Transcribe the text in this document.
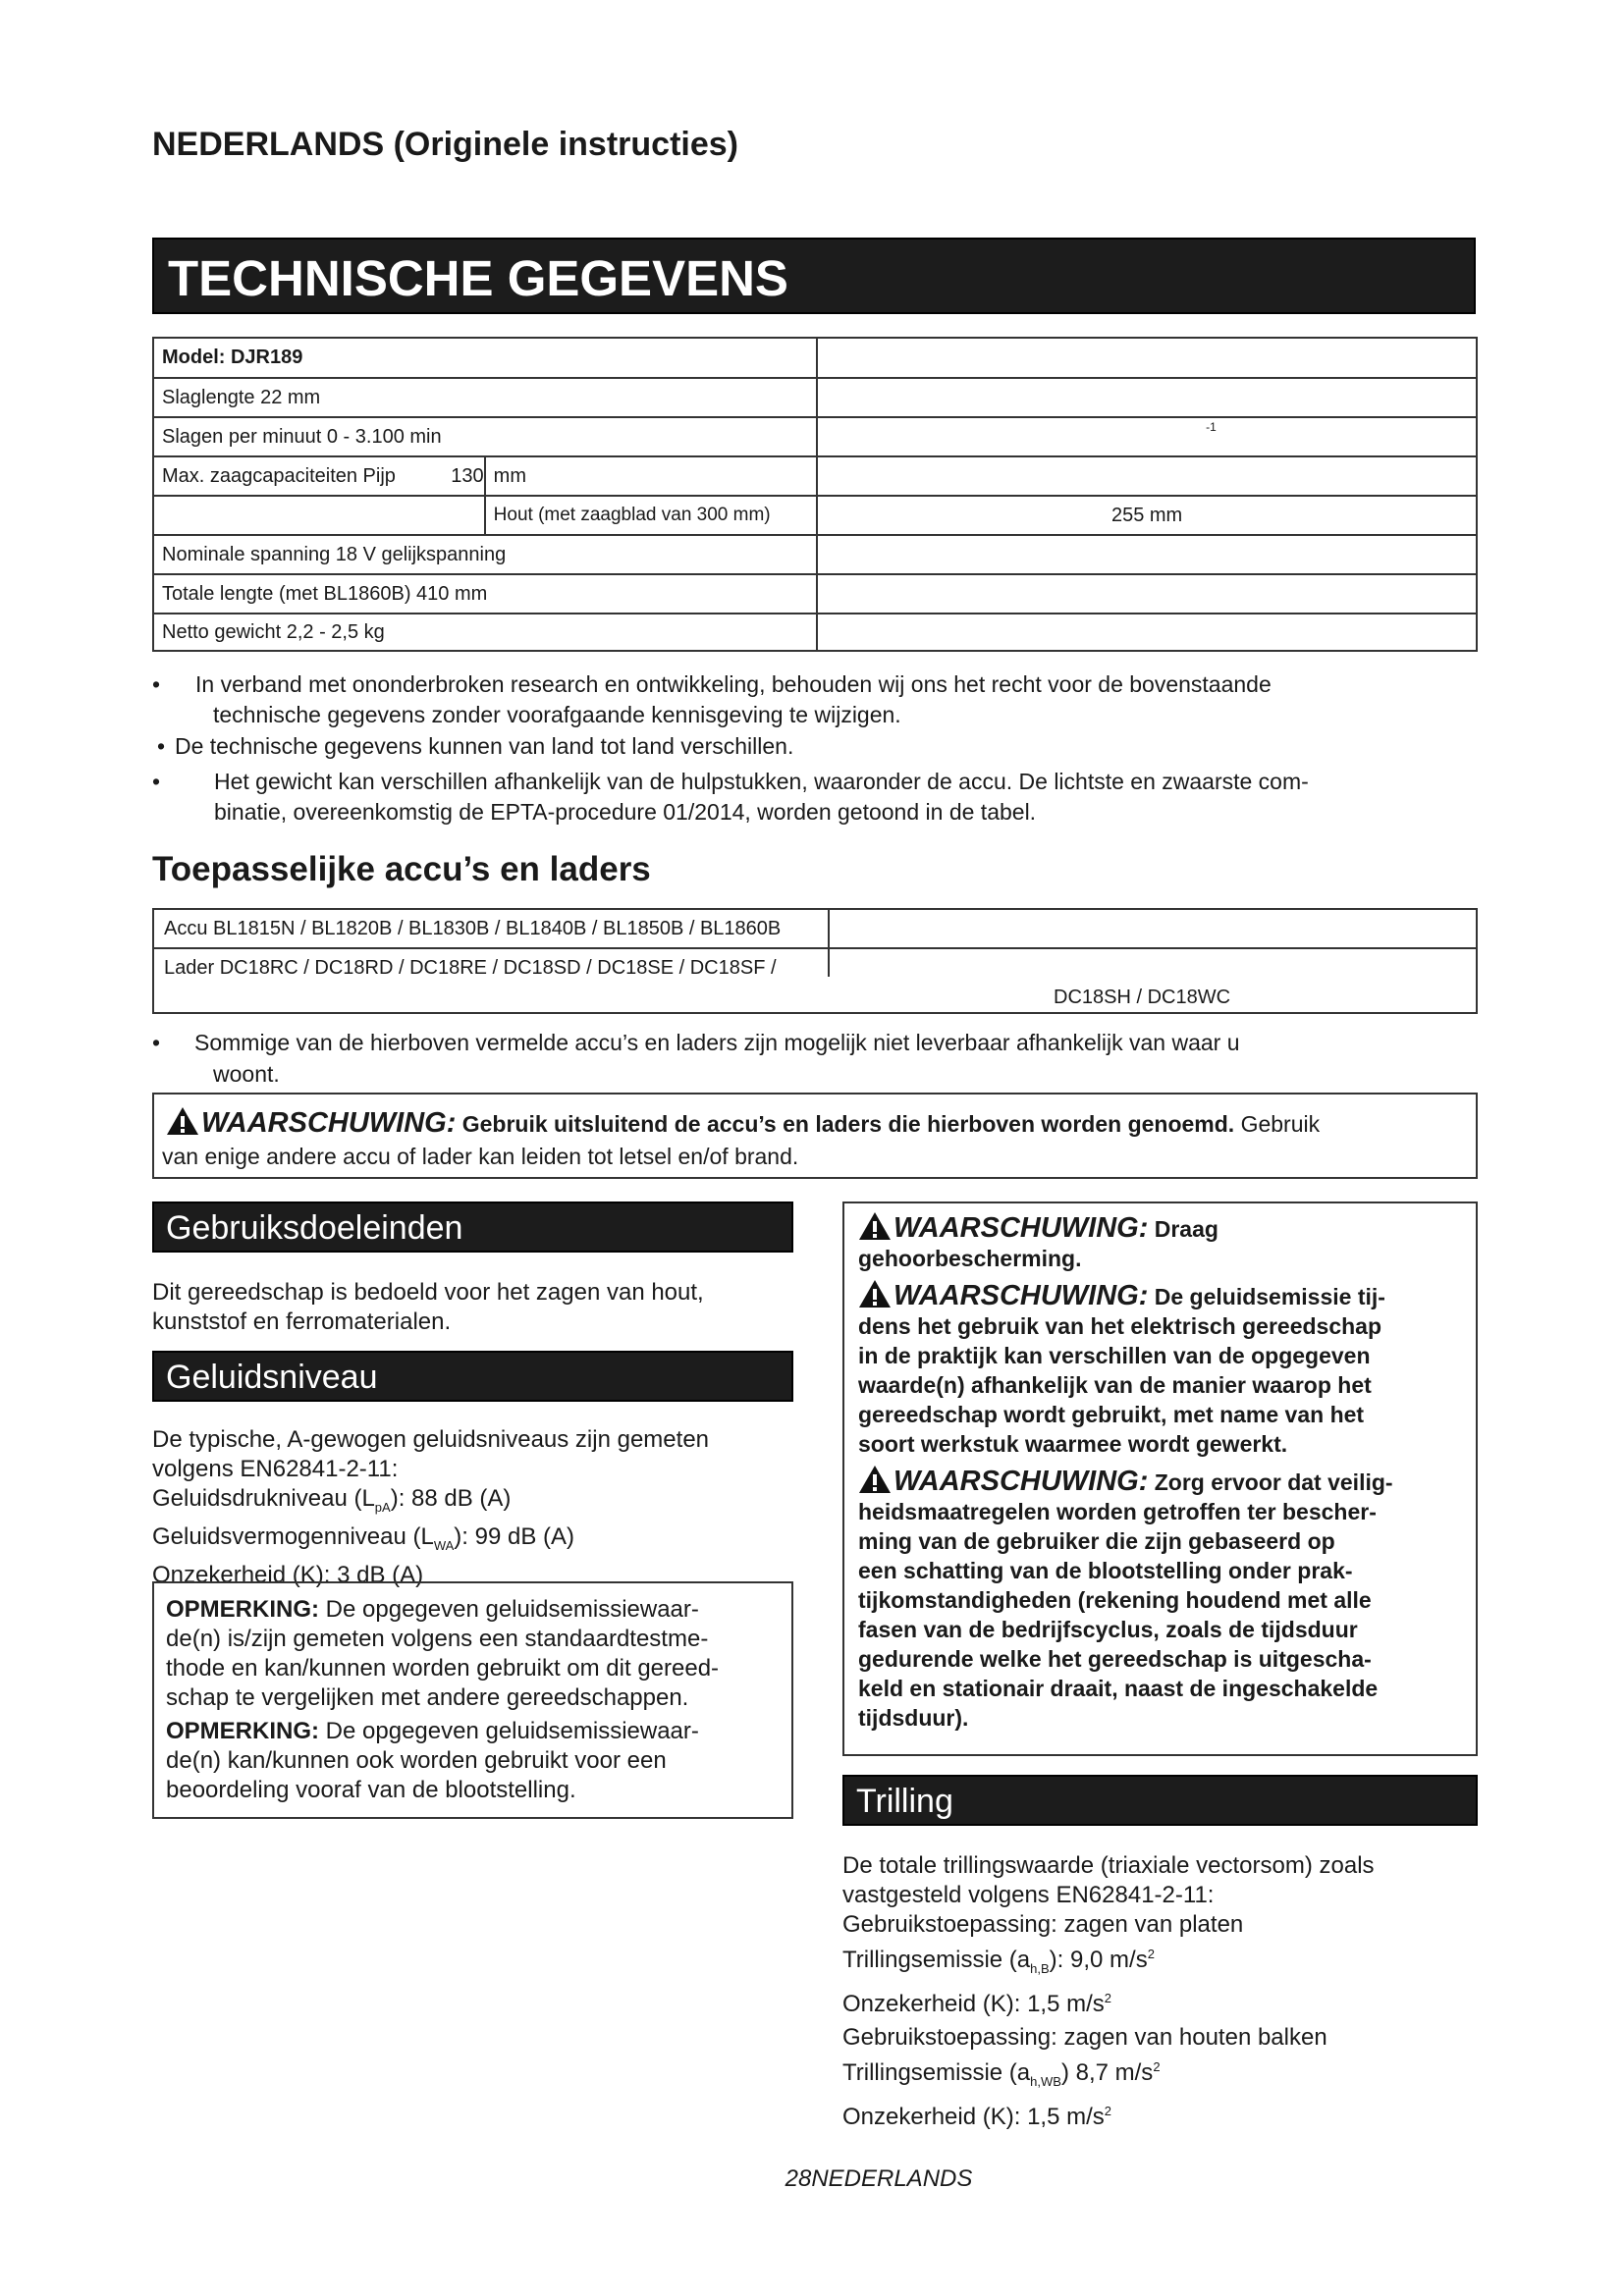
NEDERLANDS (Originele instructies)
TECHNISCHE GEGEVENS
Model: DJR189		
Slaglengte 22 mm		
Slagen per minuut 0 - 3.100 min		-1

Max. zaagcapaciteiten Pijp 130	mm	
	Hout (met zaagblad van 300 mm)	255 mm
Nominale spanning 18 V gelijkspanning		
Totale lengte (met BL1860B) 410 mm		
Netto gewicht 2,2 - 2,5 kg		
• In verband met ononderbroken research en ontwikkeling, behouden wij ons het recht voor de bovenstaande
technische gegevens zonder voorafgaande kennisgeving te wijzigen.
• De technische gegevens kunnen van land tot land verschillen.
• Het gewicht kan verschillen afhankelijk van de hulpstukken, waaronder de accu. De lichtste en zwaarste com-
binatie, overeenkomstig de EPTA-procedure 01/2014, worden getoond in de tabel.
Toepasselijke accu’s en laders
Accu BL1815N / BL1820B / BL1830B / BL1840B / BL1850B / BL1860B
Lader DC18RC / DC18RD / DC18RE / DC18SD / DC18SE / DC18SF /
DC18SH / DC18WC
• Sommige van de hierboven vermelde accu’s en laders zijn mogelijk niet leverbaar afhankelijk van waar u
woont.
WAARSCHUWING: Gebruik uitsluitend de accu’s en laders die hierboven worden genoemd. Gebruik
van enige andere accu of lader kan leiden tot letsel en/of brand.
Gebruiksdoeleinden
Dit gereedschap is bedoeld voor het zagen van hout,
kunststof en ferromaterialen.
Geluidsniveau
De typische, A-gewogen geluidsniveaus zijn gemeten
volgens EN62841-2-11:
Geluidsdrukniveau $(L_{pA})$: 88 dB (A)
Geluidsvermogenniveau $(L_{WA})$: 99 dB (A)
Onzekerheid (K): 3 dB (A)
OPMERKING: De opgegeven geluidsemissiewaar-
de(n) is/zijn gemeten volgens een standaardtestme-
thode en kan/kunnen worden gebruikt om dit gereed-
schap te vergelijken met andere gereedschappen.
OPMERKING: De opgegeven geluidsemissiewaar-
de(n) kan/kunnen ook worden gebruikt voor een
beoordeling vooraf van de blootstelling.
WAARSCHUWING: Draag
gehoorbescherming.
WAARSCHUWING: De geluidsemissie tij-
dens het gebruik van het elektrisch gereedschap
in de praktijk kan verschillen van de opgegeven
waarde(n) afhankelijk van de manier waarop het
gereedschap wordt gebruikt, met name van het
soort werkstuk waarmee wordt gewerkt.
WAARSCHUWING: Zorg ervoor dat veilig-
heidsmaatregelen worden getroffen ter bescher-
ming van de gebruiker die zijn gebaseerd op
een schatting van de blootstelling onder prak-
tijkomstandigheden (rekening houdend met alle
fasen van de bedrijfscyclus, zoals de tijdsduur
gedurende welke het gereedschap is uitgescha-
keld en stationair draait, naast de ingeschakelde
tijdsduur).
Trilling
De totale trillingswaarde (triaxiale vectorsom) zoals
vastgesteld volgens EN62841-2-11:
Gebruikstoepassing: zagen van platen
Trillingsemissie $(a_{h,B})$: 9,0 $m/s^2$
Onzekerheid (K): 1,5 $m/s^2$
Gebruikstoepassing: zagen van houten balken
Trillingsemissie $(a_{h,WB})$ 8,7 $m/s^2$
Onzekerheid (K): 1,5 $m/s^2$
28NEDERLANDS
